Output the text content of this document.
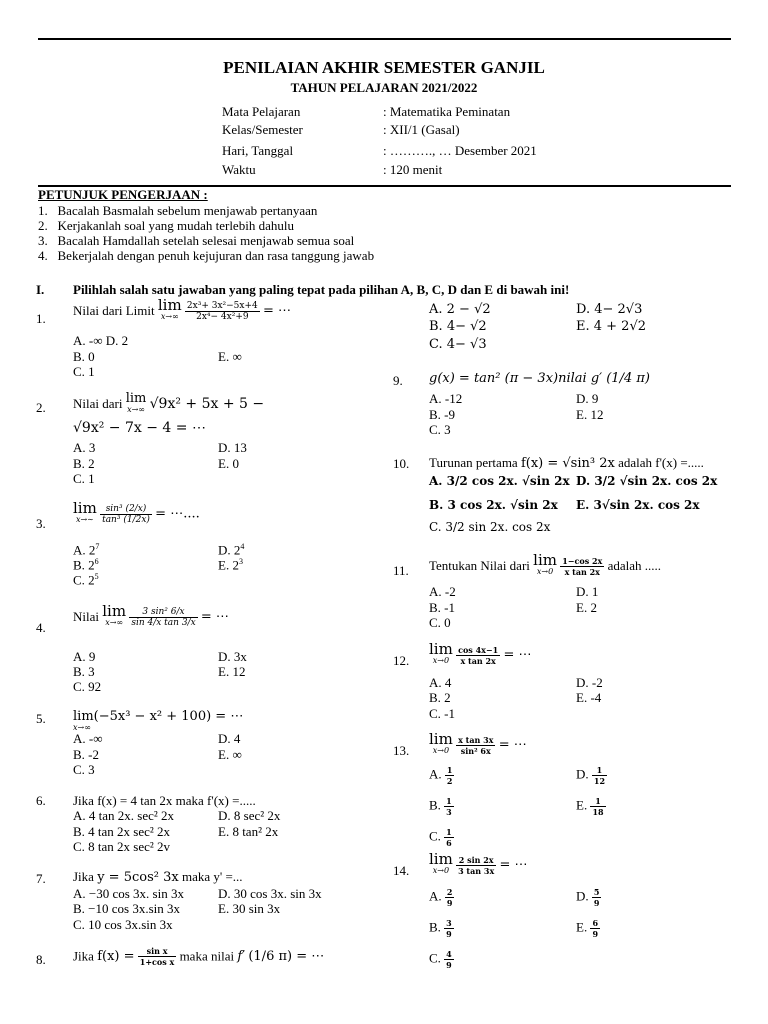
PENILAIAN AKHIR SEMESTER GANJIL
TAHUN PELAJARAN 2021/2022
Mata Pelajaran	: Matematika Peminatan
Kelas/Semester	: XII/1 (Gasal)
Hari, Tanggal	: ………., … Desember 2021
Waktu	: 120 menit
PETUNJUK PENGERJAAN :
1.   Bacalah Basmalah sebelum menjawab pertanyaan
2.   Kerjakanlah soal yang mudah terlebih dahulu
3.   Bacalah Hamdallah setelah selesai menjawab semua soal
4.   Bekerjalah dengan penuh kejujuran dan rasa tanggung jawab
I. Pilihlah salah satu jawaban yang paling tepat pada pilihan A, B, C, D dan E di bawah ini!
1.
Nilai dari Limit lim
x→∞
$\frac{\text{2x³+ 3x²−5x+4}}{\text{2x⁴− 4x²+9}}$ = ⋯
A. -∞ D. 2
B. 0	E. ∞
C. 1
2. Nilai dari lim
x→∞ √9x² + 5x + 5 −
√9x² − 7x − 4 = ⋯
A. 3	D. 13
B. 2	E. 0
C. 1
3.
lim
x→∼
$\frac{\text{sin³ (2/x)}}{\text{tan³ (1/2x)}}$ = ⋯....
A. $2^7$	D. $2^4$
B. $2^6$	E. $2^3$
C. $2^5$
4.
Nilai lim
x→∞
$\frac{\text{3 sin² 6/x}}{\text{sin 4/x tan 3/x}}$ = ⋯
A. 9	D. 3x
B. 3	E. 12
C. 92
5. lim(−5x³ − x² + 100) = ⋯
x→∞
A. -∞	D. 4
B. -2	E. ∞
C. 3
6. Jika f(x) = 4 tan 2x maka f'(x) =.....
A. 4 tan 2x. sec² 2x	D. 8 sec² 2x
B. 4 tan 2x sec² 2x	E. 8 tan² 2x
C. 8 tan 2x sec² 2v
7. Jika y = 5cos² 3x maka y' =...
A. −30 cos 3x. sin 3x	D. 30 cos 3x. sin 3x
B. −10 cos 3x.sin 3x	E. 30 sin 3x
C. 10 cos 3x.sin 3x
8. Jika $f(x) = \frac{\text{sin x}}{\text{1+cos x}}$ maka nilai f′ (1/6 π) = ⋯
A. 2 − √2	D. 4− 2√3
B. 4− √2	E. 4 + 2√2
C. 4− √3
9. g(x) = tan² (π − 3x)nilai g′ (1/4 π)
A. -12	D. 9
B. -9	E. 12
C. 3
10. Turunan pertama f(x) = √sin³ 2x adalah f'(x) =.....
A. 3/2 cos 2x. √sin 2x D. 3/2 √sin 2x. cos 2x
B. 3 cos 2x. √sin 2x E. 3√sin 2x. cos 2x
C. 3/2 sin 2x. cos 2x
11. Tentukan Nilai dari lim
x→0
$\frac{1-\cos 2x}{\text{x tan 2x}}$ adalah .....
A. -2	D. 1
B. -1	E. 2
C. 0
12.
lim
x→0
$\frac{\cos 4x-1}{\text{x tan 2x}}$ = ⋯
A. 4	D. -2
B. 2	E. -4
C. -1
13.
lim
x→0
$\frac{\text{x tan 3x}}{\text{sin² 6x}}$ = ⋯
A. $\frac{1}{2}$	D. $\frac{1}{12}$
B. $\frac{1}{3}$	E. $\frac{1}{18}$
C. $\frac{1}{6}$
14.
lim
x→0
$\frac{2 \sin 2x}{3 \tan 3x}$ = ⋯
A. $\frac{2}{9}$	D. $\frac{5}{9}$
B. $\frac{3}{9}$	E. $\frac{6}{9}$
C. $\frac{4}{9}$
